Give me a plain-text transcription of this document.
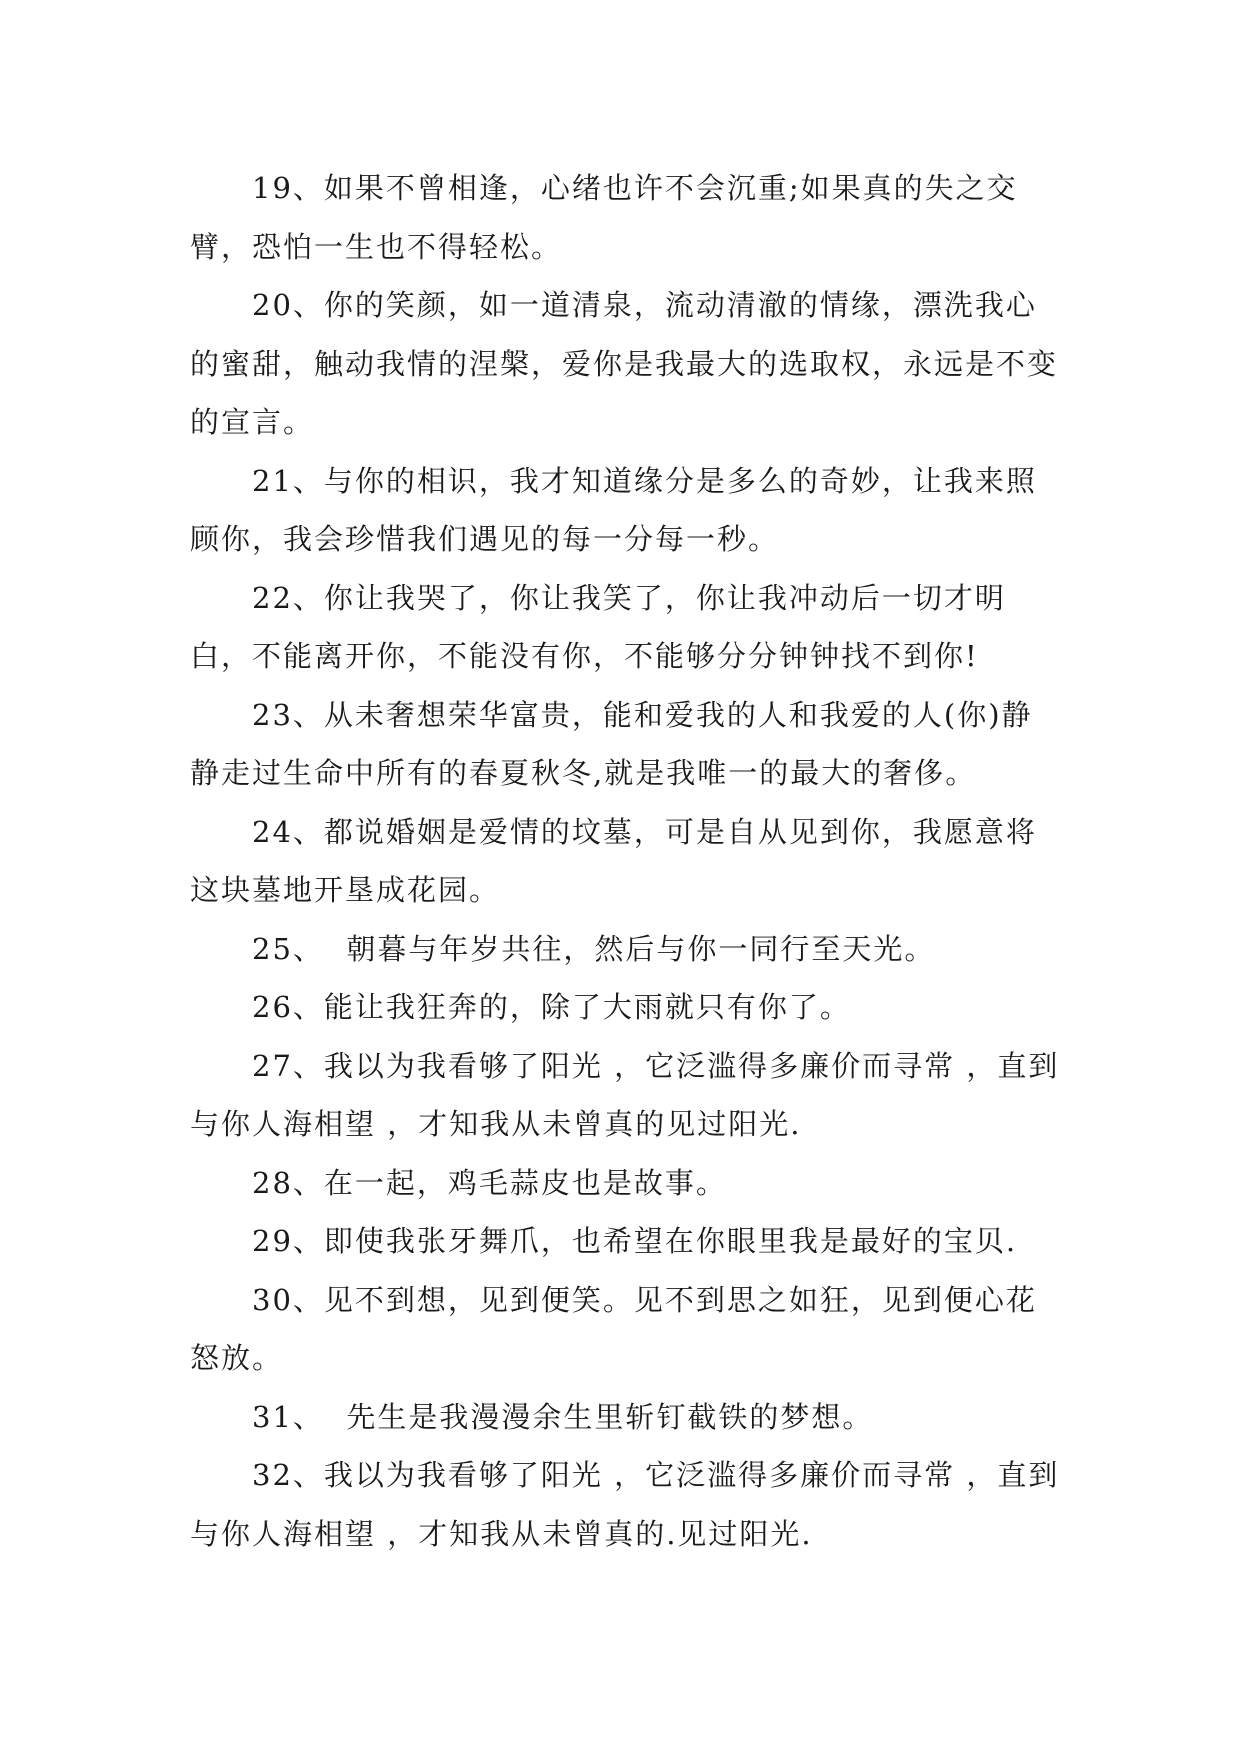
19、如果不曾相逢，心绪也许不会沉重;如果真的失之交臂，恐怕一生也不得轻松。

20、你的笑颜，如一道清泉，流动清澈的情缘，漂洗我心的蜜甜，触动我情的涅槃，爱你是我最大的选取权，永远是不变的宣言。

21、与你的相识，我才知道缘分是多么的奇妙，让我来照顾你，我会珍惜我们遇见的每一分每一秒。

22、你让我哭了，你让我笑了，你让我冲动后一切才明白，不能离开你，不能没有你，不能够分分钟钟找不到你!

23、从未奢想荣华富贵，能和爱我的人和我爱的人(你)静静走过生命中所有的春夏秋冬,就是我唯一的最大的奢侈。

24、都说婚姻是爱情的坟墓，可是自从见到你，我愿意将这块墓地开垦成花园。

25、  朝暮与年岁共往，然后与你一同行至天光。

26、能让我狂奔的，除了大雨就只有你了。

27、我以为我看够了阳光 ，它泛滥得多廉价而寻常 ，直到与你人海相望 ，才知我从未曾真的见过阳光.

28、在一起，鸡毛蒜皮也是故事。

29、即使我张牙舞爪，也希望在你眼里我是最好的宝贝.

30、见不到想，见到便笑。见不到思之如狂，见到便心花怒放。

31、  先生是我漫漫余生里斩钉截铁的梦想。

32、我以为我看够了阳光 ，它泛滥得多廉价而寻常 ，直到与你人海相望 ，才知我从未曾真的.见过阳光.
